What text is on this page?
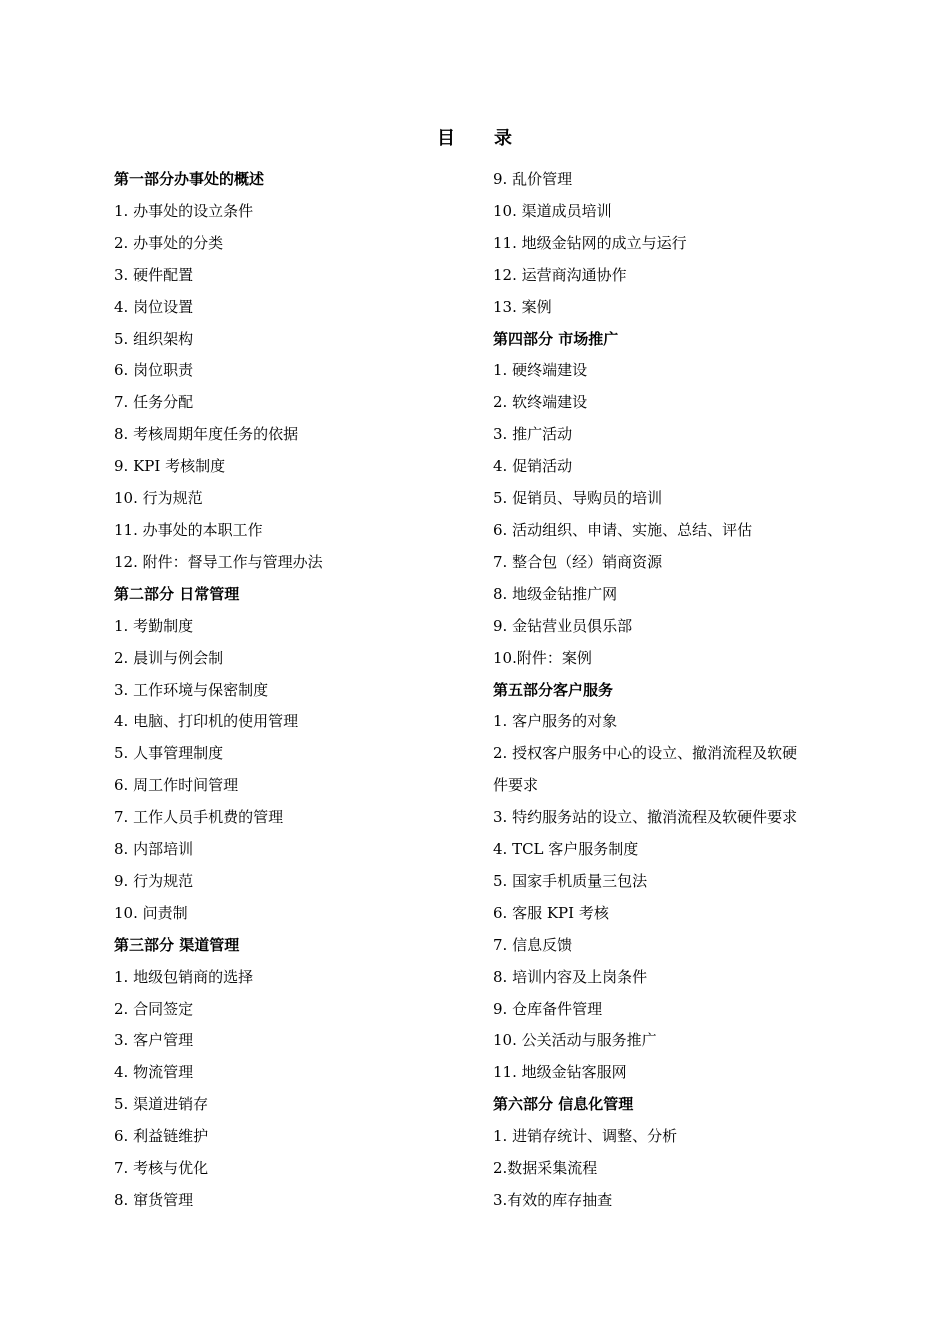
目 录
第一部分办事处的概述
1. 办事处的设立条件
2. 办事处的分类
3. 硬件配置
4. 岗位设置
5. 组织架构
6. 岗位职责
7. 任务分配
8. 考核周期年度任务的依据
9. KPI 考核制度
10. 行为规范
11. 办事处的本职工作
12. 附件：督导工作与管理办法
第二部分 日常管理
1. 考勤制度
2. 晨训与例会制
3. 工作环境与保密制度
4. 电脑、打印机的使用管理
5. 人事管理制度
6. 周工作时间管理
7. 工作人员手机费的管理
8. 内部培训
9. 行为规范
10. 问责制
第三部分 渠道管理
1. 地级包销商的选择
2. 合同签定
3. 客户管理
4. 物流管理
5. 渠道进销存
6. 利益链维护
7. 考核与优化
8. 窜货管理
9. 乱价管理
10. 渠道成员培训
11. 地级金钻网的成立与运行
12. 运营商沟通协作
13. 案例
第四部分 市场推广
1. 硬终端建设
2. 软终端建设
3. 推广活动
4. 促销活动
5. 促销员、导购员的培训
6. 活动组织、申请、实施、总结、评估
7. 整合包（经）销商资源
8. 地级金钻推广网
9. 金钻营业员俱乐部
10.附件：案例
第五部分客户服务
1. 客户服务的对象
2. 授权客户服务中心的设立、撤消流程及软硬
件要求
3. 特约服务站的设立、撤消流程及软硬件要求
4. TCL 客户服务制度
5. 国家手机质量三包法
6. 客服 KPI 考核
7. 信息反馈
8. 培训内容及上岗条件
9. 仓库备件管理
10. 公关活动与服务推广
11. 地级金钻客服网
第六部分 信息化管理
1. 进销存统计、调整、分析
2.数据采集流程
3.有效的库存抽查
